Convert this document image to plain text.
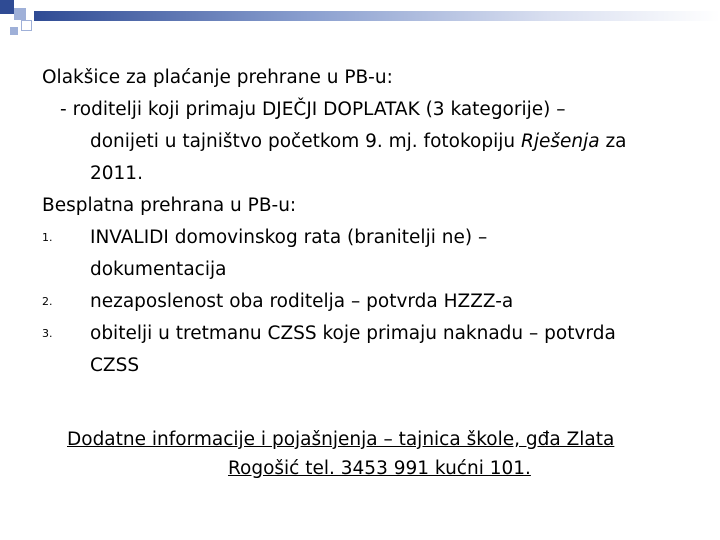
Olakšice za plaćanje prehrane u PB-u:
- roditelji koji primaju DJEČJI DOPLATAK (3 kategorije) –
donijeti u tajništvo početkom 9. mj. fotokopiju Rješenja za
2011.
Besplatna prehrana u PB-u:
1.	INVALIDI domovinskog rata (branitelji ne) –
dokumentacija
2.	nezaposlenost oba roditelja – potvrda HZZZ-a
3.	obitelji u tretmanu CZSS koje primaju naknadu – potvrda
CZSS
Dodatne informacije i pojašnjenja – tajnica škole, gđa Zlata
Rogošić tel. 3453 991 kućni 101.
